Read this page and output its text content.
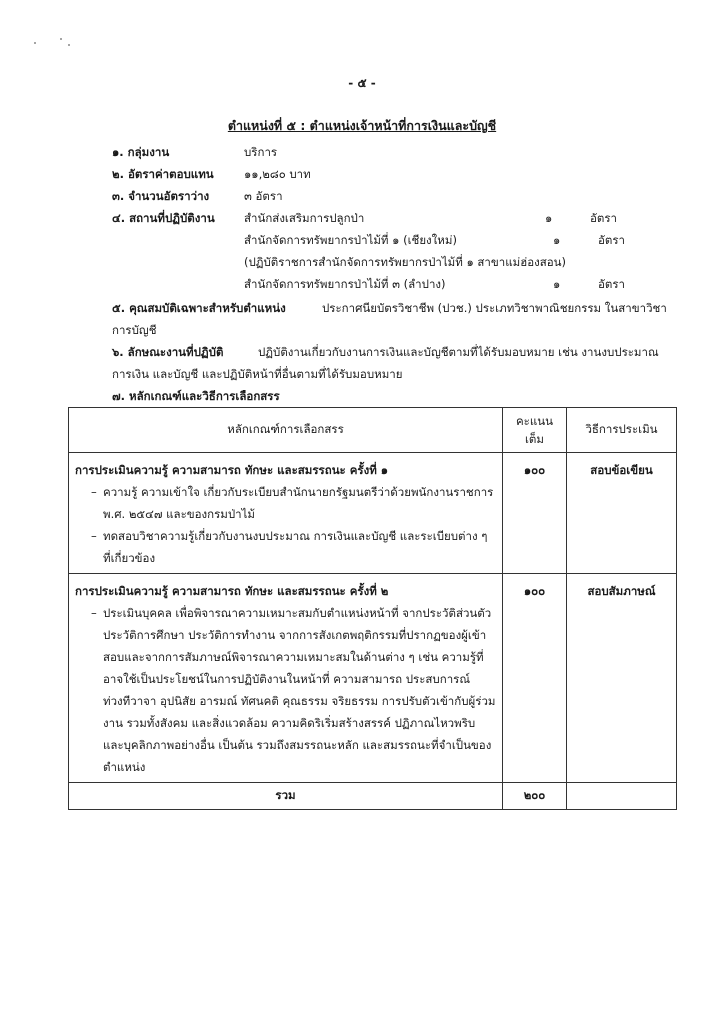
- ๕ -
ตำแหน่งที่ ๕ : ตำแหน่งเจ้าหน้าที่การเงินและบัญชี
๑. กลุ่มงาน	บริการ
๒. อัตราค่าตอบแทน	๑๑,๒๘๐ บาท
๓. จำนวนอัตราว่าง	๓ อัตรา
๔. สถานที่ปฏิบัติงาน	สำนักส่งเสริมการปลูกป่า	๑	อัตรา
สำนักจัดการทรัพยากรป่าไม้ที่ ๑ (เชียงใหม่)	๑	อัตรา
(ปฏิบัติราชการสำนักจัดการทรัพยากรป่าไม้ที่ ๑ สาขาแม่ฮ่องสอน)
สำนักจัดการทรัพยากรป่าไม้ที่ ๓ (ลำปาง)	๑	อัตรา
๕. คุณสมบัติเฉพาะสำหรับตำแหน่ง	ประกาศนียบัตรวิชาชีพ (ปวช.) ประเภทวิชาพาณิชยกรรม ในสาขาวิชา
การบัญชี
๖. ลักษณะงานที่ปฏิบัติ	ปฏิบัติงานเกี่ยวกับงานการเงินและบัญชีตามที่ได้รับมอบหมาย เช่น งานงบประมาณ
การเงิน และบัญชี และปฏิบัติหน้าที่อื่นตามที่ได้รับมอบหมาย
๗. หลักเกณฑ์และวิธีการเลือกสรร
หลักเกณฑ์การเลือกสรร	คะแนนเต็ม	วิธีการประเมิน

การประเมินความรู้ ความสามารถ ทักษะ และสมรรถนะ ครั้งที่ ๑
– ความรู้ ความเข้าใจ เกี่ยวกับระเบียบสำนักนายกรัฐมนตรีว่าด้วยพนักงานราชการ พ.ศ. ๒๕๔๗ และของกรมป่าไม้
– ทดสอบวิชาความรู้เกี่ยวกับงานงบประมาณ การเงินและบัญชี และระเบียบต่าง ๆ ที่เกี่ยวข้อง	๑๐๐	สอบข้อเขียน

การประเมินความรู้ ความสามารถ ทักษะ และสมรรถนะ ครั้งที่ ๒
– ประเมินบุคคล เพื่อพิจารณาความเหมาะสมกับตำแหน่งหน้าที่ จากประวัติส่วนตัว ประวัติการศึกษา ประวัติการทำงาน จากการสังเกตพฤติกรรมที่ปรากฏของผู้เข้าสอบและจากการสัมภาษณ์พิจารณาความเหมาะสมในด้านต่าง ๆ เช่น ความรู้ที่อาจใช้เป็นประโยชน์ในการปฏิบัติงานในหน้าที่ ความสามารถ ประสบการณ์ ท่วงทีวาจา อุปนิสัย อารมณ์ ทัศนคติ คุณธรรม จริยธรรม การปรับตัวเข้ากับผู้ร่วมงาน รวมทั้งสังคม และสิ่งแวดล้อม ความคิดริเริ่มสร้างสรรค์ ปฏิภาณไหวพริบ และบุคลิกภาพอย่างอื่น เป็นต้น รวมถึงสมรรถนะหลัก และสมรรถนะที่จำเป็นของตำแหน่ง	๑๐๐	สอบสัมภาษณ์

รวม	๒๐๐	
